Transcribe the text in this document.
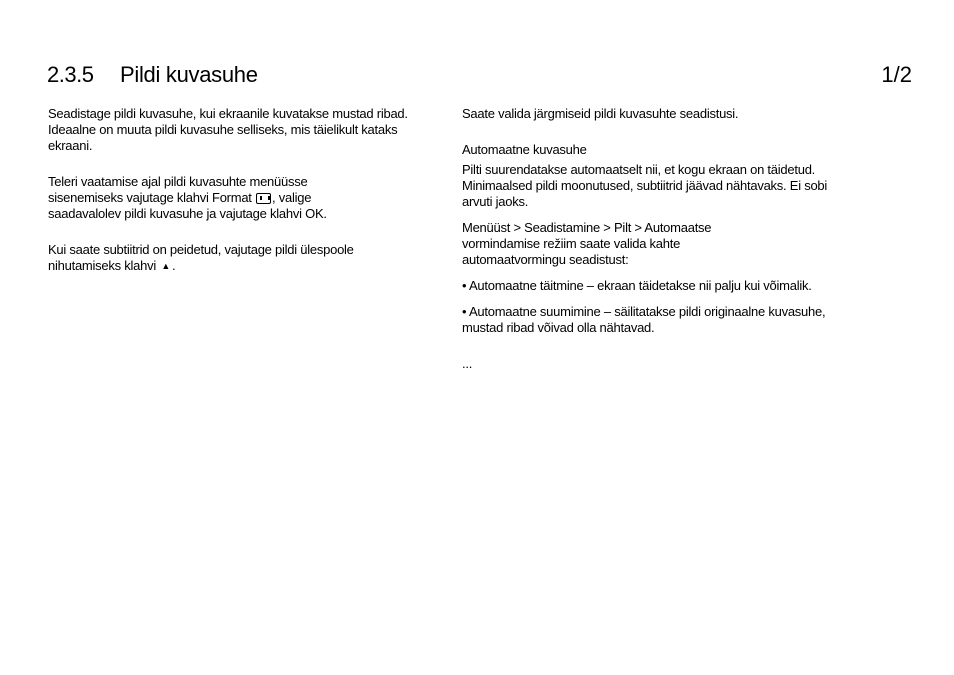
2.3.5 Pildi kuvasuhe	1/2

Seadistage pildi kuvasuhe, kui ekraanile kuvatakse mustad ribad. Ideaalne on muuta pildi kuvasuhe selliseks, mis täielikult kataks ekraani.

Teleri vaatamise ajal pildi kuvasuhte menüüsse sisenemiseks vajutage klahvi Format , valige saadavalolev pildi kuvasuhe ja vajutage klahvi OK.

Kui saate subtiitrid on peidetud, vajutage pildi ülespoole nihutamiseks klahvi ▲ .

Saate valida järgmiseid pildi kuvasuhte seadistusi.

Automaatne kuvasuhe

Pilti suurendatakse automaatselt nii, et kogu ekraan on täidetud. Minimaalsed pildi moonutused, subtiitrid jäävad nähtavaks. Ei sobi arvuti jaoks.

Menüüst > Seadistamine > Pilt > Automaatse vormindamise režiim saate valida kahte automaatvormingu seadistust:

• Automaatne täitmine – ekraan täidetakse nii palju kui võimalik.

• Automaatne suumimine – säilitatakse pildi originaalne kuvasuhe, mustad ribad võivad olla nähtavad.

...
